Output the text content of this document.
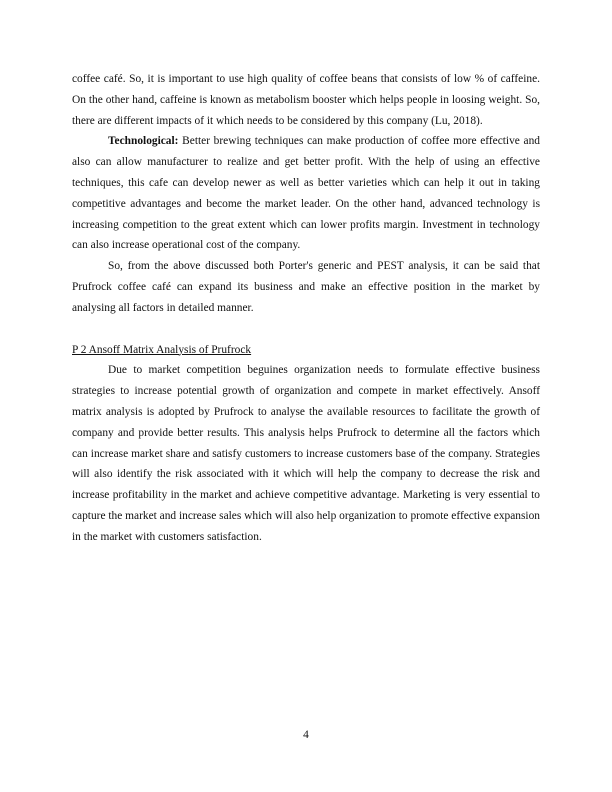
coffee café. So, it is important to use high quality of coffee beans that consists of low % of caffeine. On the other hand, caffeine is known as metabolism booster which helps people in loosing weight. So, there are different impacts of it which needs to be considered by this company (Lu, 2018).

Technological: Better brewing techniques can make production of coffee more effective and also can allow manufacturer to realize and get better profit. With the help of using an effective techniques, this cafe can develop newer as well as better varieties which can help it out in taking competitive advantages and become the market leader. On the other hand, advanced technology is increasing competition to the great extent which can lower profits margin. Investment in technology can also increase operational cost of the company.

So, from the above discussed both Porter's generic and PEST analysis, it can be said that Prufrock coffee café can expand its business and make an effective position in the market by analysing all factors in detailed manner.

P 2 Ansoff Matrix Analysis of Prufrock

Due to market competition beguines organization needs to formulate effective business strategies to increase potential growth of organization and compete in market effectively. Ansoff matrix analysis is adopted by Prufrock to analyse the available resources to facilitate the growth of company and provide better results. This analysis helps Prufrock to determine all the factors which can increase market share and satisfy customers to increase customers base of the company. Strategies will also identify the risk associated with it which will help the company to decrease the risk and increase profitability in the market and achieve competitive advantage. Marketing is very essential to capture the market and increase sales which will also help organization to promote effective expansion in the market with customers satisfaction.

4
